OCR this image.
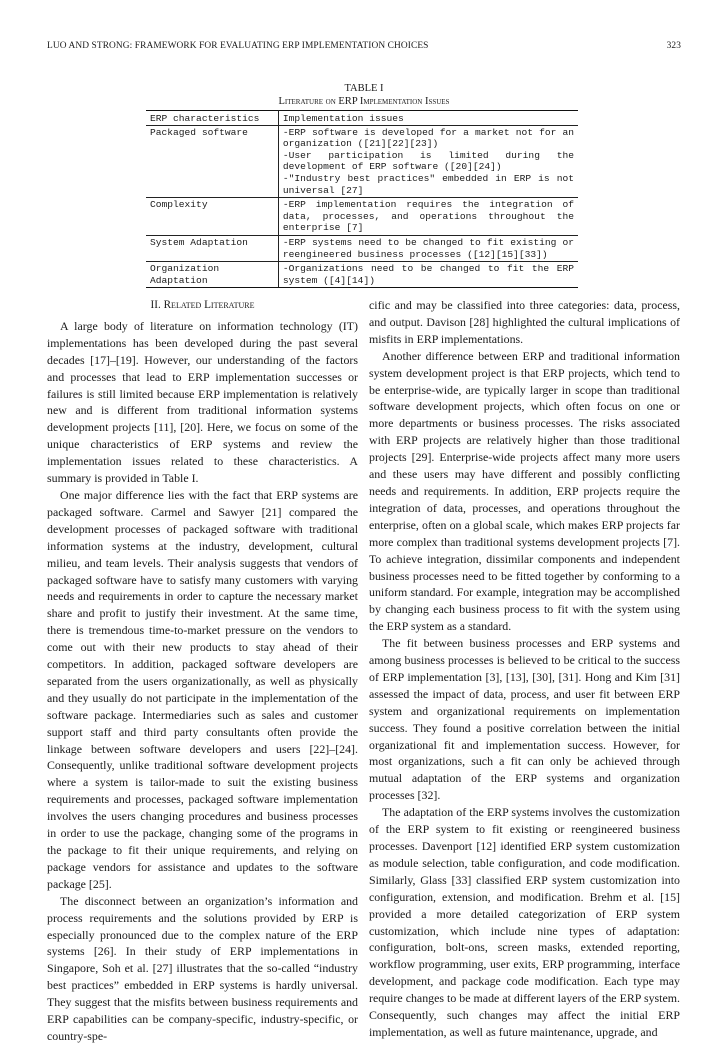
LUO AND STRONG: FRAMEWORK FOR EVALUATING ERP IMPLEMENTATION CHOICES	323
TABLE I
Literature on ERP Implementation Issues
ERP characteristics	Implementation issues
Packaged software	-ERP software is developed for a market not for an organization ([21][22][23])
-User participation is limited during the development of ERP software ([20][24])
-"Industry best practices" embedded in ERP is not universal [27]

Complexity	-ERP implementation requires the integration of data, processes, and operations throughout the enterprise [7]

System Adaptation	-ERP systems need to be changed to fit existing or reengineered business processes ([12][15][33])

Organization Adaptation	-Organizations need to be changed to fit the ERP system ([4][14])
II. Related Literature

A large body of literature on information technology (IT) implementations has been developed during the past several decades [17]–[19]. However, our understanding of the factors and processes that lead to ERP implementation successes or failures is still limited because ERP implementation is relatively new and is different from traditional information systems development projects [11], [20]. Here, we focus on some of the unique characteristics of ERP systems and review the implementation issues related to these characteristics. A summary is provided in Table I.

One major difference lies with the fact that ERP systems are packaged software. Carmel and Sawyer [21] compared the development processes of packaged software with traditional information systems at the industry, development, cultural milieu, and team levels. Their analysis suggests that vendors of packaged software have to satisfy many customers with varying needs and requirements in order to capture the necessary market share and profit to justify their investment. At the same time, there is tremendous time-to-market pressure on the vendors to come out with their new products to stay ahead of their competitors. In addition, packaged software developers are separated from the users organizationally, as well as physically and they usually do not participate in the implementation of the software package. Intermediaries such as sales and customer support staff and third party consultants often provide the linkage between software developers and users [22]–[24]. Consequently, unlike traditional software development projects where a system is tailor-made to suit the existing business requirements and processes, packaged software implementation involves the users changing procedures and business processes in order to use the package, changing some of the programs in the package to fit their unique requirements, and relying on package vendors for assistance and updates to the software package [25].

The disconnect between an organization’s information and process requirements and the solutions provided by ERP is especially pronounced due to the complex nature of the ERP systems [26]. In their study of ERP implementations in Singapore, Soh et al. [27] illustrates that the so-called “industry best practices” embedded in ERP systems is hardly universal. They suggest that the misfits between business requirements and ERP capabilities can be company-specific, industry-specific, or country-spe-

cific and may be classified into three categories: data, process, and output. Davison [28] highlighted the cultural implications of misfits in ERP implementations.

Another difference between ERP and traditional information system development project is that ERP projects, which tend to be enterprise-wide, are typically larger in scope than traditional software development projects, which often focus on one or more departments or business processes. The risks associated with ERP projects are relatively higher than those traditional projects [29]. Enterprise-wide projects affect many more users and these users may have different and possibly conflicting needs and requirements. In addition, ERP projects require the integration of data, processes, and operations throughout the enterprise, often on a global scale, which makes ERP projects far more complex than traditional systems development projects [7]. To achieve integration, dissimilar components and independent business processes need to be fitted together by conforming to a uniform standard. For example, integration may be accomplished by changing each business process to fit with the system using the ERP system as a standard.

The fit between business processes and ERP systems and among business processes is believed to be critical to the success of ERP implementation [3], [13], [30], [31]. Hong and Kim [31] assessed the impact of data, process, and user fit between ERP system and organizational requirements on implementation success. They found a positive correlation between the initial organizational fit and implementation success. However, for most organizations, such a fit can only be achieved through mutual adaptation of the ERP systems and organization processes [32].

The adaptation of the ERP systems involves the customization of the ERP system to fit existing or reengineered business processes. Davenport [12] identified ERP system customization as module selection, table configuration, and code modification. Similarly, Glass [33] classified ERP system customization into configuration, extension, and modification. Brehm et al. [15] provided a more detailed categorization of ERP system customization, which include nine types of adaptation: configuration, bolt-ons, screen masks, extended reporting, workflow programming, user exits, ERP programming, interface development, and package code modification. Each type may require changes to be made at different layers of the ERP system. Consequently, such changes may affect the initial ERP implementation, as well as future maintenance, upgrade, and
